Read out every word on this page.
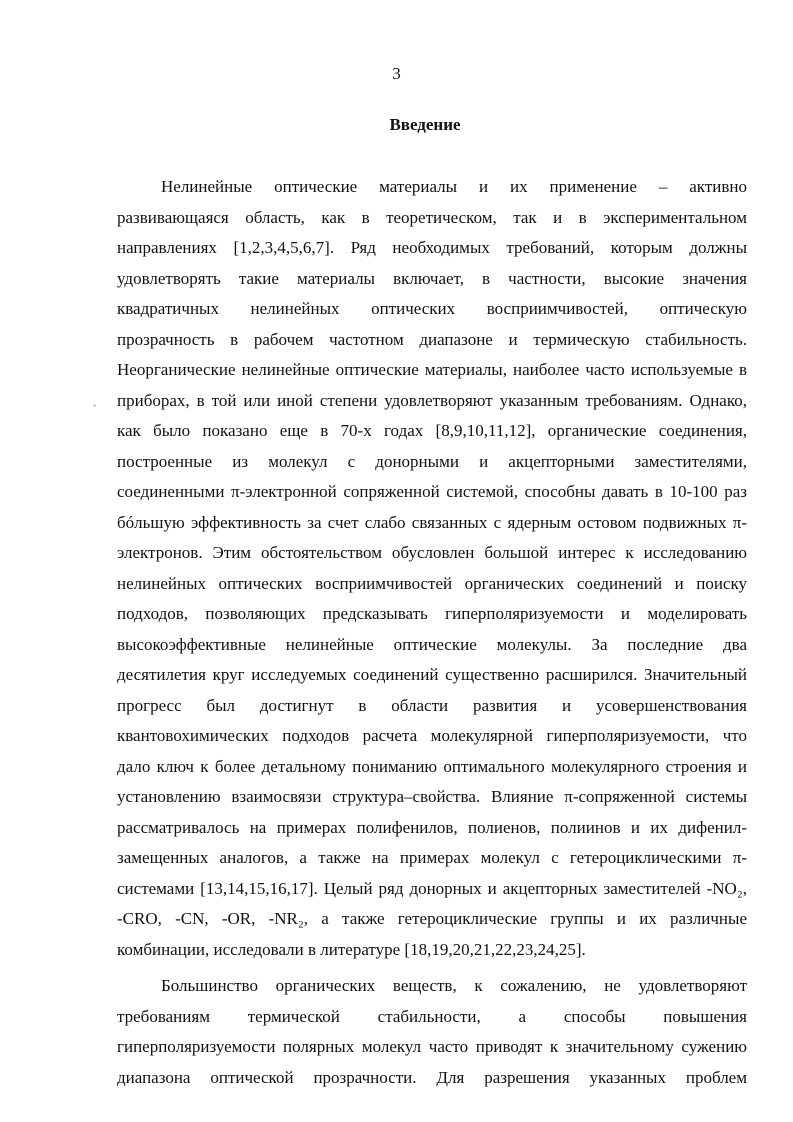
3
Введение
Нелинейные оптические материалы и их применение – активно
развивающаяся область, как в теоретическом, так и в экспериментальном
направлениях [1,2,3,4,5,6,7]. Ряд необходимых требований, которым должны
удовлетворять такие материалы включает, в частности, высокие значения
квадратичных нелинейных оптических восприимчивостей, оптическую
прозрачность в рабочем частотном диапазоне и термическую стабильность.
Неорганические нелинейные оптические материалы, наиболее часто используемые в
приборах, в той или иной степени удовлетворяют указанным требованиям. Однако,
как было показано еще в 70-х годах [8,9,10,11,12], органические соединения,
построенные из молекул с донорными и акцепторными заместителями,
соединенными π-электронной сопряженной системой, способны давать в 10-100 раз
бóльшую эффективность за счет слабо связанных с ядерным остовом подвижных π-
электронов. Этим обстоятельством обусловлен большой интерес к исследованию
нелинейных оптических восприимчивостей органических соединений и поиску
подходов, позволяющих предсказывать гиперполяризуемости и моделировать
высокоэффективные нелинейные оптические молекулы. За последние два
десятилетия круг исследуемых соединений существенно расширился. Значительный
прогресс был достигнут в области развития и усовершенствования
квантовохимических подходов расчета молекулярной гиперполяризуемости, что
дало ключ к более детальному пониманию оптимального молекулярного строения и
установлению взаимосвязи структура–свойства. Влияние π-сопряженной системы
рассматривалось на примерах полифенилов, полиенов, полиинов и их дифенил-
замещенных аналогов, а также на примерах молекул с гетероциклическими π-
системами [13,14,15,16,17]. Целый ряд донорных и акцепторных заместителей -NO₂,
-CRO, -CN, -OR, -NR₂, а также гетероциклические группы и их различные
комбинации, исследовали в литературе [18,19,20,21,22,23,24,25].
Большинство органических веществ, к сожалению, не удовлетворяют
требованиям термической стабильности, а способы повышения
гиперполяризуемости полярных молекул часто приводят к значительному сужению
диапазона оптической прозрачности. Для разрешения указанных проблем
